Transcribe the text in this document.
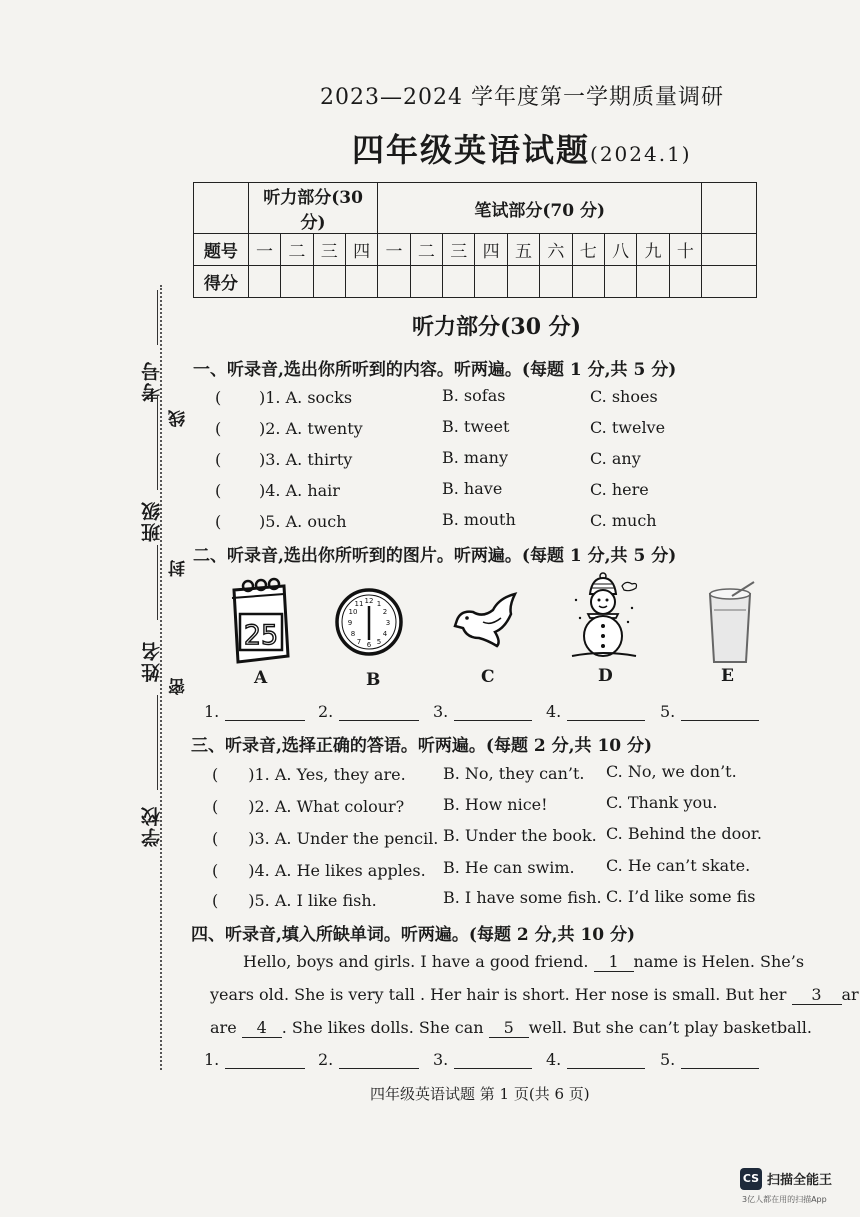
考号
线
班级
封
姓名
密
学校
2023—2024 学年度第一学期质量调研
四年级英语试题(2024.1)
	听力部分(30 分)				笔试部分(70 分)										
题号	一	二	三	四	一	二	三	四	五	六	七	八	九	十	
得分															
听力部分(30 分)
一、听录音,选出你所听到的内容。听两遍。(每题 1 分,共 5 分)
( )1. A. socks	B. sofas	C. shoes
( )2. A. twenty	B. tweet	C. twelve
( )3. A. thirty	B. many	C. any
( )4. A. hair	B. have	C. here
( )5. A. ouch	B. mouth	C. much
二、听录音,选出你所听到的图片。听两遍。(每题 1 分,共 5 分)
25
12 1
2
3
4
5
6
7
8
9
10
11
A	B	C	D	E
1.	2.	3.	4.	5.
三、听录音,选择正确的答语。听两遍。(每题 2 分,共 10 分)
( )1. A. Yes, they are. B. No, they can’t. C. No, we don’t.
( )2. A. What colour? B. How nice!	C. Thank you.
( )3. A. Under the pencil. B. Under the book. C. Behind the door.
( )4. A. He likes apples. B. He can swim. C. He can’t skate.
( )5. A. I like fish.	B. I have some fish. C. I’d like some fis
四、听录音,填入所缺单词。听两遍。(每题 2 分,共 10 分)
Hello, boys and girls. I have a good friend. 1 name is Helen. She’s
years old. She is very tall . Her hair is short. Her nose is small. But her 3 ar
are 4 . She likes dolls. She can 5 well. But she can’t play basketball.
1.	2.	3.	4.	5.
四年级英语试题 第 1 页(共 6 页)
CS 扫描全能王
3亿人都在用的扫描App
